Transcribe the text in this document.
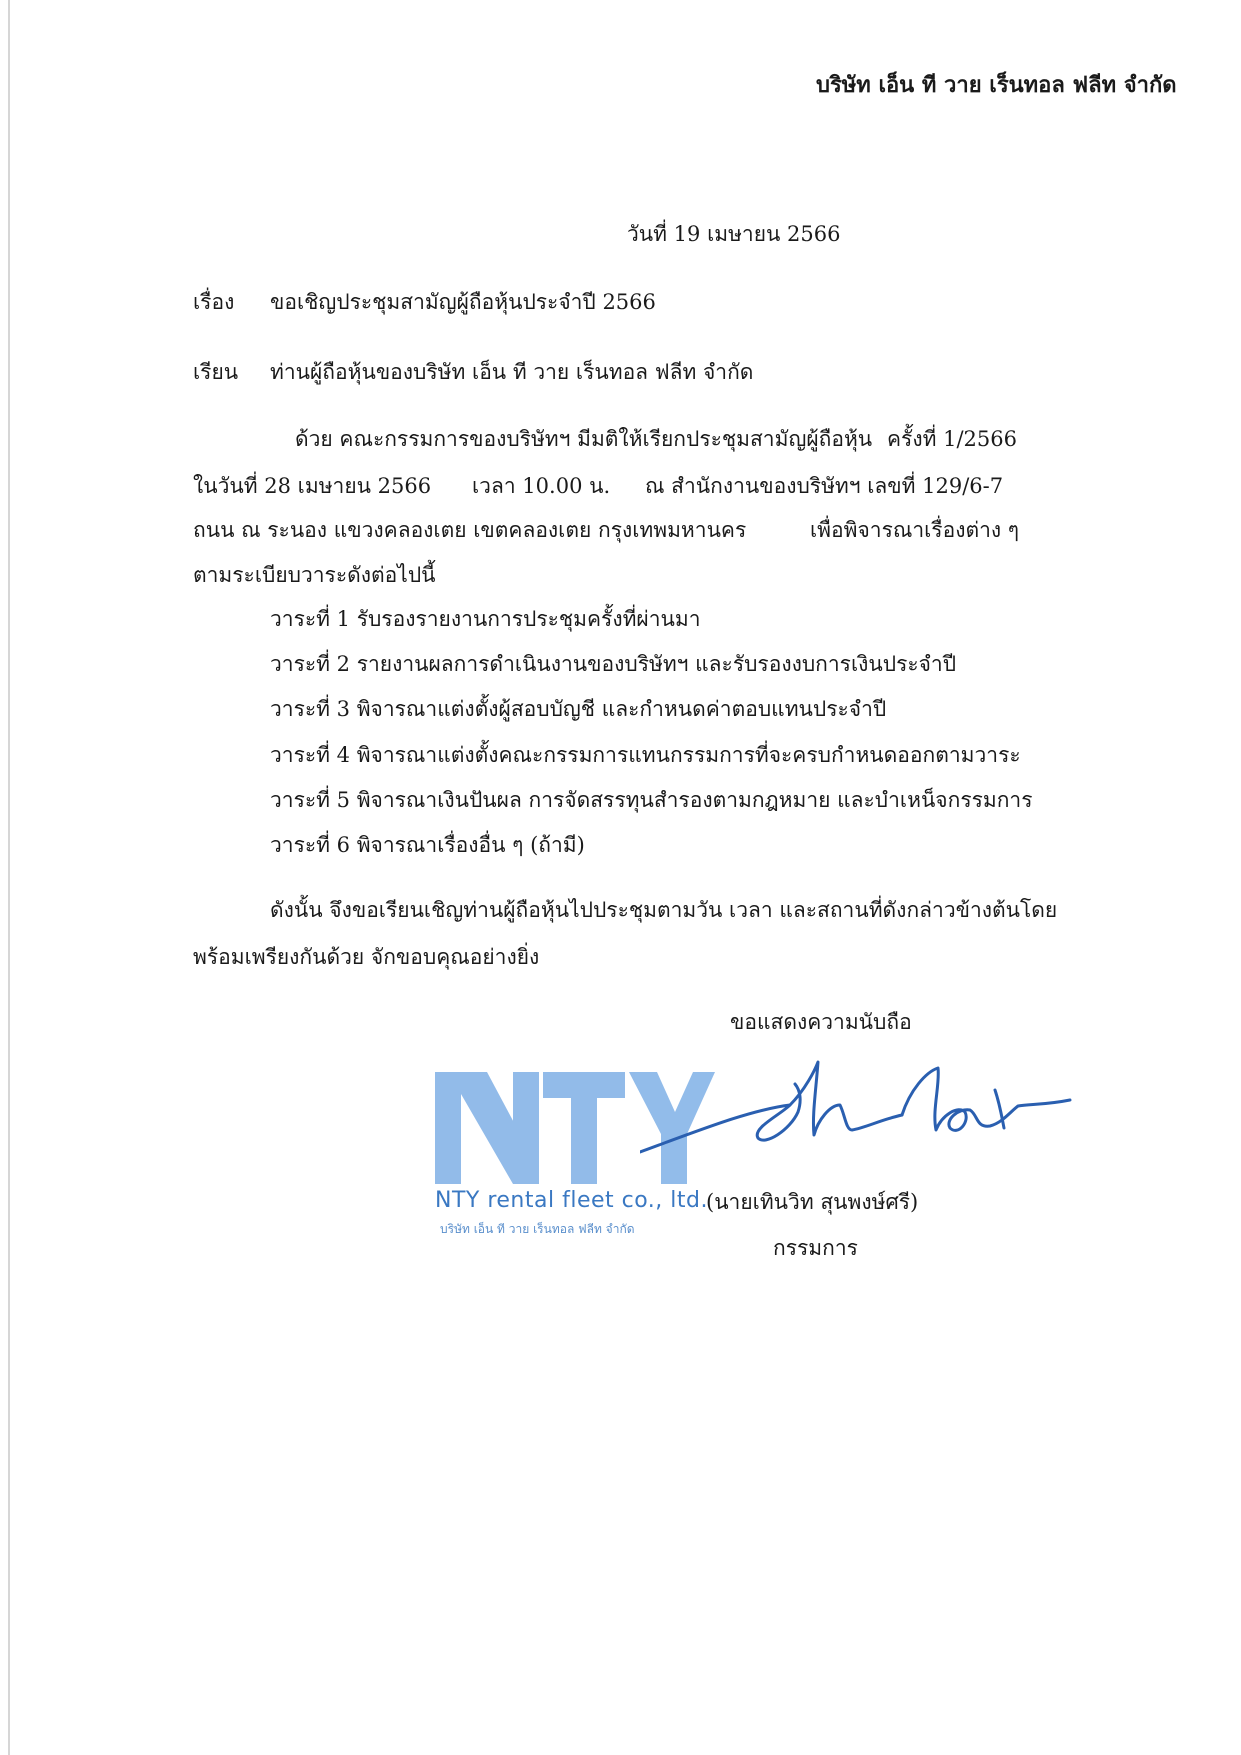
บริษัท เอ็น ที วาย เร็นทอล ฟลีท จำกัด
วันที่ 19 เมษายน 2566
เรื่อง ขอเชิญประชุมสามัญผู้ถือหุ้นประจำปี 2566
เรียน ท่านผู้ถือหุ้นของบริษัท เอ็น ที วาย เร็นทอล ฟลีท จำกัด
ด้วย คณะกรรมการของบริษัทฯ มีมติให้เรียกประชุมสามัญผู้ถือหุ้น ครั้งที่ 1/2566
ในวันที่ 28 เมษายน 2566 เวลา 10.00 น. ณ สำนักงานของบริษัทฯ เลขที่ 129/6-7
ถนน ณ ระนอง แขวงคลองเตย เขตคลองเตย กรุงเทพมหานคร	เพื่อพิจารณาเรื่องต่าง ๆ
ตามระเบียบวาระดังต่อไปนี้
วาระที่ 1 รับรองรายงานการประชุมครั้งที่ผ่านมา
วาระที่ 2 รายงานผลการดำเนินงานของบริษัทฯ และรับรองงบการเงินประจำปี
วาระที่ 3 พิจารณาแต่งตั้งผู้สอบบัญชี และกำหนดค่าตอบแทนประจำปี
วาระที่ 4 พิจารณาแต่งตั้งคณะกรรมการแทนกรรมการที่จะครบกำหนดออกตามวาระ
วาระที่ 5 พิจารณาเงินปันผล การจัดสรรทุนสำรองตามกฎหมาย และบำเหน็จกรรมการ
วาระที่ 6 พิจารณาเรื่องอื่น ๆ (ถ้ามี)
ดังนั้น จึงขอเรียนเชิญท่านผู้ถือหุ้นไปประชุมตามวัน เวลา และสถานที่ดังกล่าวข้างต้นโดย
พร้อมเพรียงกันด้วย จักขอบคุณอย่างยิ่ง
ขอแสดงความนับถือ
NTY
NTY rental fleet co., ltd.
บริษัท เอ็น ที วาย เร็นทอล ฟลีท จำกัด
(นายเทินวิท สุนพงษ์ศรี)
กรรมการ
